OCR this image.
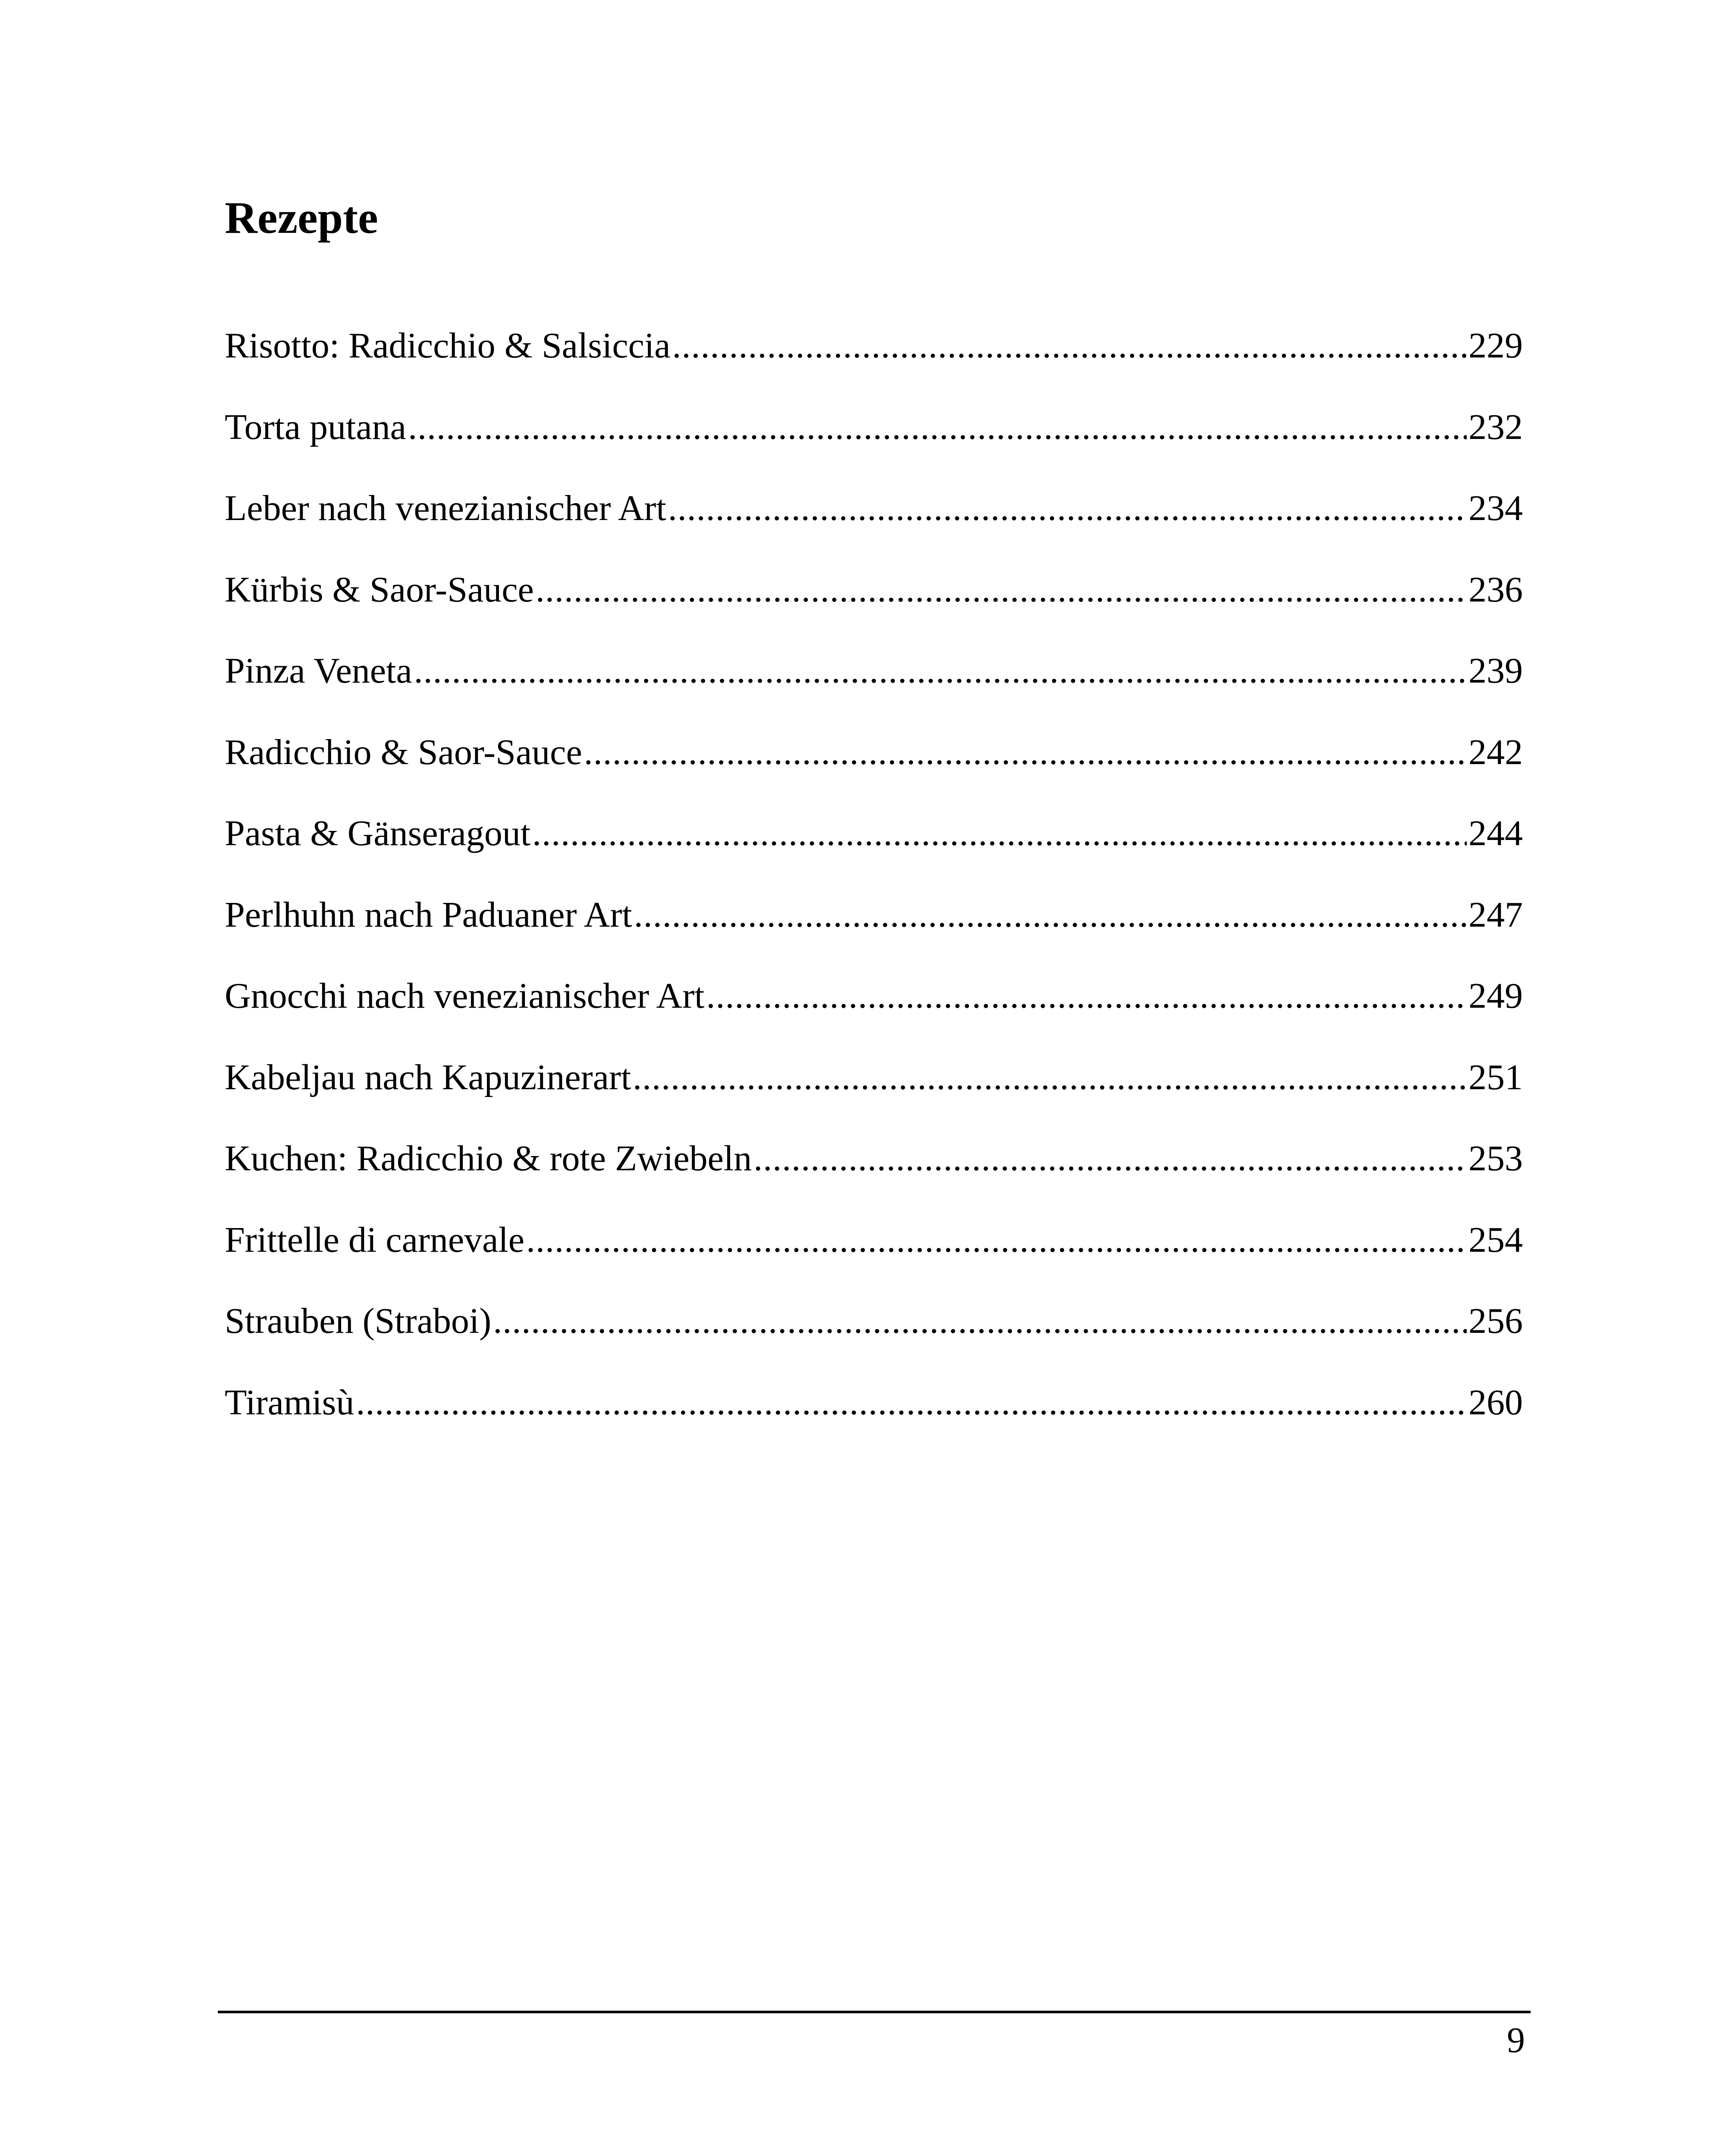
Rezepte
Risotto: Radicchio & Salsiccia .....	229
Torta putana .....	232
Leber nach venezianischer Art .....	234
Kürbis & Saor-Sauce .....	236
Pinza Veneta .....	239
Radicchio & Saor-Sauce .....	242
Pasta & Gänseragout .....	244
Perlhuhn nach Paduaner Art .....	247
Gnocchi nach venezianischer Art .....	249
Kabeljau nach Kapuzinerart .....	251
Kuchen: Radicchio & rote Zwiebeln .....	253
Frittelle di carnevale .....	254
Strauben (Straboi) .....	256
Tiramisù .....	260
9
